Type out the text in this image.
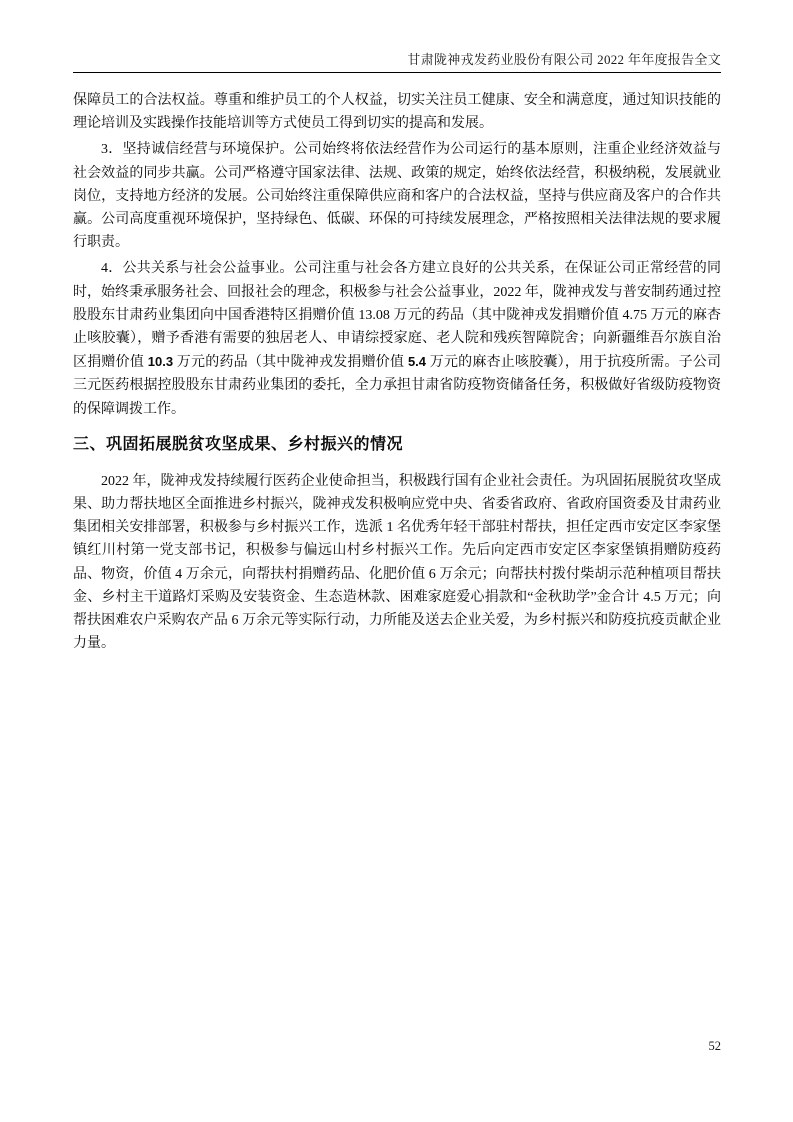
甘肃陇神戎发药业股份有限公司 2022 年年度报告全文

保障员工的合法权益。尊重和维护员工的个人权益，切实关注员工健康、安全和满意度，通过知识技能的理论培训及实践操作技能培训等方式使员工得到切实的提高和发展。

3．坚持诚信经营与环境保护。公司始终将依法经营作为公司运行的基本原则，注重企业经济效益与社会效益的同步共赢。公司严格遵守国家法律、法规、政策的规定，始终依法经营，积极纳税，发展就业岗位，支持地方经济的发展。公司始终注重保障供应商和客户的合法权益，坚持与供应商及客户的合作共赢。公司高度重视环境保护，坚持绿色、低碳、环保的可持续发展理念，严格按照相关法律法规的要求履行职责。

4．公共关系与社会公益事业。公司注重与社会各方建立良好的公共关系，在保证公司正常经营的同时，始终秉承服务社会、回报社会的理念，积极参与社会公益事业，2022 年，陇神戎发与普安制药通过控股股东甘肃药业集团向中国香港特区捐赠价值 13.08 万元的药品（其中陇神戎发捐赠价值 4.75 万元的麻杏止咳胶囊），赠予香港有需要的独居老人、申请综授家庭、老人院和残疾智障院舍；向新疆维吾尔族自治区捐赠价值 10.3 万元的药品（其中陇神戎发捐赠价值 5.4 万元的麻杏止咳胶囊），用于抗疫所需。子公司三元医药根据控股股东甘肃药业集团的委托，全力承担甘肃省防疫物资储备任务，积极做好省级防疫物资的保障调拨工作。

三、巩固拓展脱贫攻坚成果、乡村振兴的情况

2022 年，陇神戎发持续履行医药企业使命担当，积极践行国有企业社会责任。为巩固拓展脱贫攻坚成果、助力帮扶地区全面推进乡村振兴，陇神戎发积极响应党中央、省委省政府、省政府国资委及甘肃药业集团相关安排部署，积极参与乡村振兴工作，选派 1 名优秀年轻干部驻村帮扶，担任定西市安定区李家堡镇红川村第一党支部书记，积极参与偏远山村乡村振兴工作。先后向定西市安定区李家堡镇捐赠防疫药品、物资，价值 4 万余元，向帮扶村捐赠药品、化肥价值 6 万余元；向帮扶村拨付柴胡示范种植项目帮扶金、乡村主干道路灯采购及安装资金、生态造林款、困难家庭爱心捐款和“金秋助学”金合计 4.5 万元；向帮扶困难农户采购农产品 6 万余元等实际行动，力所能及送去企业关爱，为乡村振兴和防疫抗疫贡献企业力量。

52
